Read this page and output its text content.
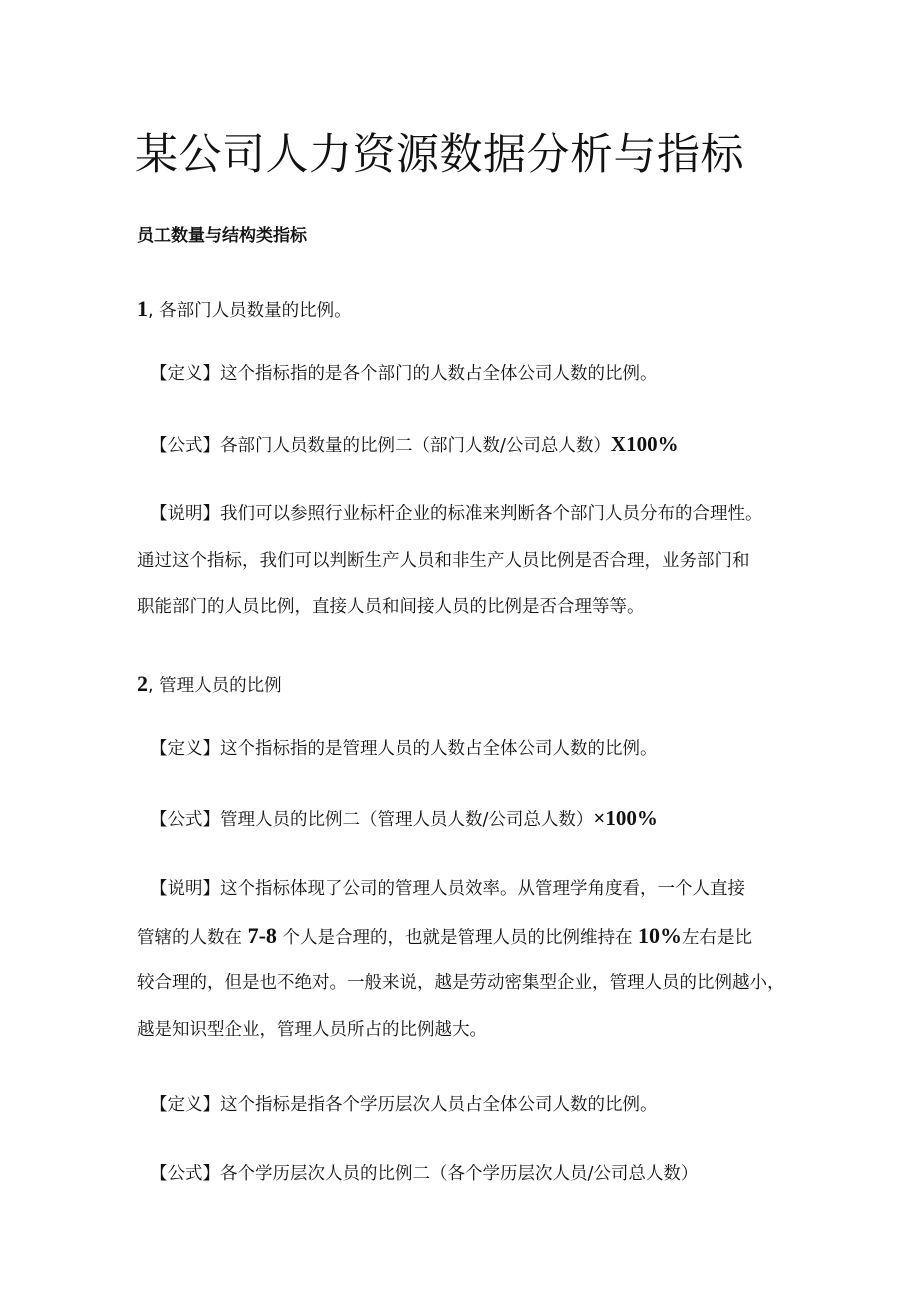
某公司人力资源数据分析与指标
员工数量与结构类指标
1, 各部门人员数量的比例。
【定义】这个指标指的是各个部门的人数占全体公司人数的比例。
【公式】各部门人员数量的比例二（部门人数/公司总人数）X100%
【说明】我们可以参照行业标杆企业的标准来判断各个部门人员分布的合理性。
通过这个指标，我们可以判断生产人员和非生产人员比例是否合理，业务部门和
职能部门的人员比例，直接人员和间接人员的比例是否合理等等。
2, 管理人员的比例
【定义】这个指标指的是管理人员的人数占全体公司人数的比例。
【公式】管理人员的比例二（管理人员人数/公司总人数）×100%
【说明】这个指标体现了公司的管理人员效率。从管理学角度看，一个人直接
管辖的人数在 7-8 个人是合理的，也就是管理人员的比例维持在 10%左右是比
较合理的，但是也不绝对。一般来说，越是劳动密集型企业，管理人员的比例越小，
越是知识型企业，管理人员所占的比例越大。
【定义】这个指标是指各个学历层次人员占全体公司人数的比例。
【公式】各个学历层次人员的比例二（各个学历层次人员/公司总人数）
